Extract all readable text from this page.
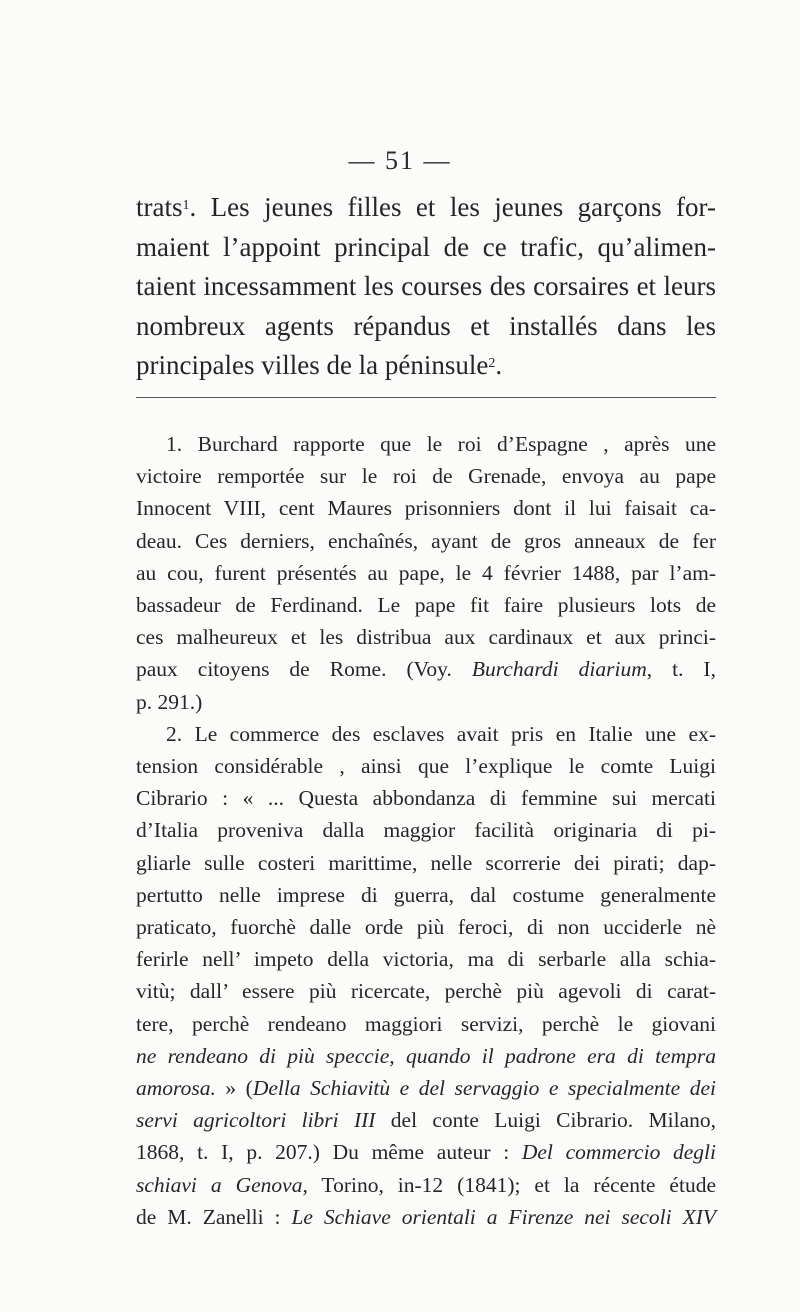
— 51 —
trats$^1$. Les jeunes filles et les jeunes garçons for-
maient l’appoint principal de ce trafic, qu’alimen-
taient incessamment les courses des corsaires et leurs
nombreux agents répandus et installés dans les
principales villes de la péninsule$^2$.
1. Burchard rapporte que le roi d’Espagne , après une
victoire remportée sur le roi de Grenade, envoya au pape
Innocent VIII, cent Maures prisonniers dont il lui faisait ca-
deau. Ces derniers, enchaînés, ayant de gros anneaux de fer
au cou, furent présentés au pape, le 4 février 1488, par l’am-
bassadeur de Ferdinand. Le pape fit faire plusieurs lots de
ces malheureux et les distribua aux cardinaux et aux princi-
paux citoyens de Rome. (Voy. Burchardi diarium, t. I,
p. 291.)
2. Le commerce des esclaves avait pris en Italie une ex-
tension considérable , ainsi que l’explique le comte Luigi
Cibrario : « ... Questa abbondanza di femmine sui mercati
d’Italia proveniva dalla maggior facilità originaria di pi-
gliarle sulle costeri marittime, nelle scorrerie dei pirati; dap-
pertutto nelle imprese di guerra, dal costume generalmente
praticato, fuorchè dalle orde più feroci, di non ucciderle nè
ferirle nell’ impeto della victoria, ma di serbarle alla schia-
vitù; dall’ essere più ricercate, perchè più agevoli di carat-
tere, perchè rendeano maggiori servizi, perchè le giovani
ne rendeano di più speccie, quando il padrone era di tempra
amorosa. » (Della Schiavitù e del servaggio e specialmente dei
servi agricoltori libri III del conte Luigi Cibrario. Milano,
1868, t. I, p. 207.) Du même auteur : Del commercio degli
schiavi a Genova, Torino, in-12 (1841); et la récente étude
de M. Zanelli : Le Schiave orientali a Firenze nei secoli XIV
